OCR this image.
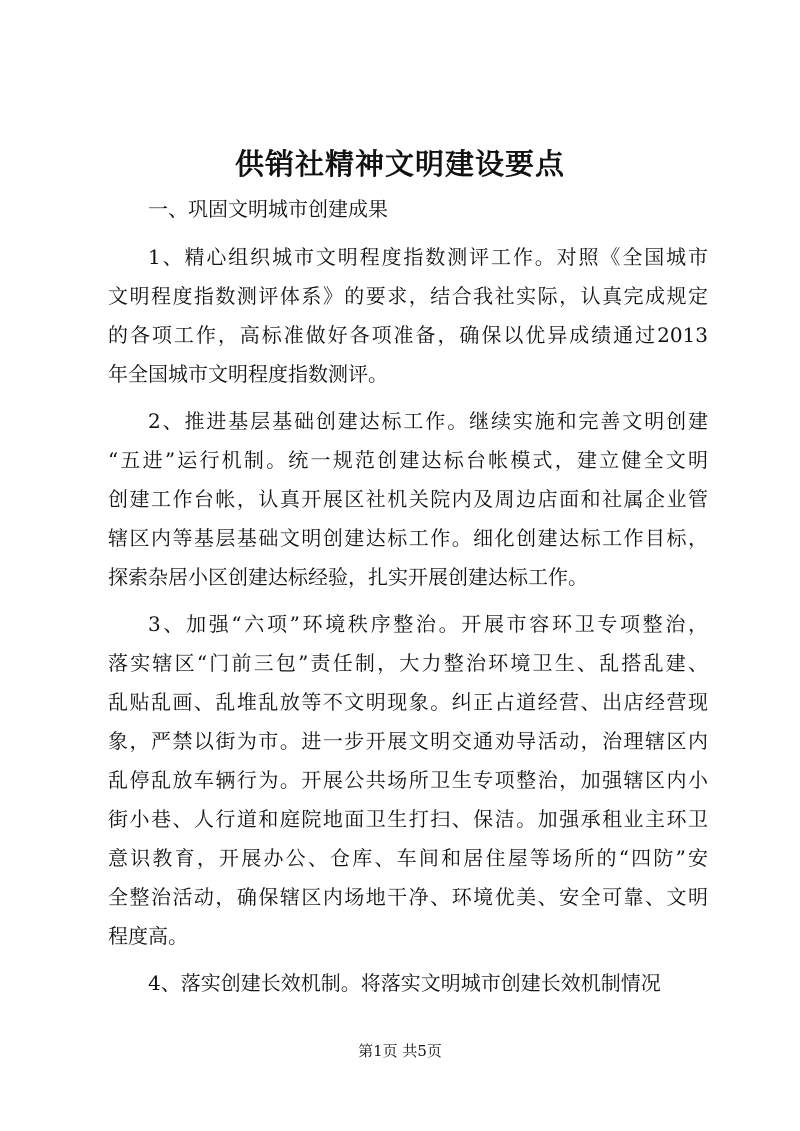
供销社精神文明建设要点

一、巩固文明城市创建成果

1、精心组织城市文明程度指数测评工作。对照《全国城市
文明程度指数测评体系》的要求，结合我社实际，认真完成规定
的各项工作，高标准做好各项准备，确保以优异成绩通过2013
年全国城市文明程度指数测评。
2、推进基层基础创建达标工作。继续实施和完善文明创建
“五进”运行机制。统一规范创建达标台帐模式，建立健全文明
创建工作台帐，认真开展区社机关院内及周边店面和社属企业管
辖区内等基层基础文明创建达标工作。细化创建达标工作目标，
探索杂居小区创建达标经验，扎实开展创建达标工作。
3、加强“六项”环境秩序整治。开展市容环卫专项整治，
落实辖区“门前三包”责任制，大力整治环境卫生、乱搭乱建、
乱贴乱画、乱堆乱放等不文明现象。纠正占道经营、出店经营现
象，严禁以街为市。进一步开展文明交通劝导活动，治理辖区内
乱停乱放车辆行为。开展公共场所卫生专项整治，加强辖区内小
街小巷、人行道和庭院地面卫生打扫、保洁。加强承租业主环卫
意识教育，开展办公、仓库、车间和居住屋等场所的“四防”安
全整治活动，确保辖区内场地干净、环境优美、安全可靠、文明
程度高。
4、落实创建长效机制。将落实文明城市创建长效机制情况
第1页 共5页
